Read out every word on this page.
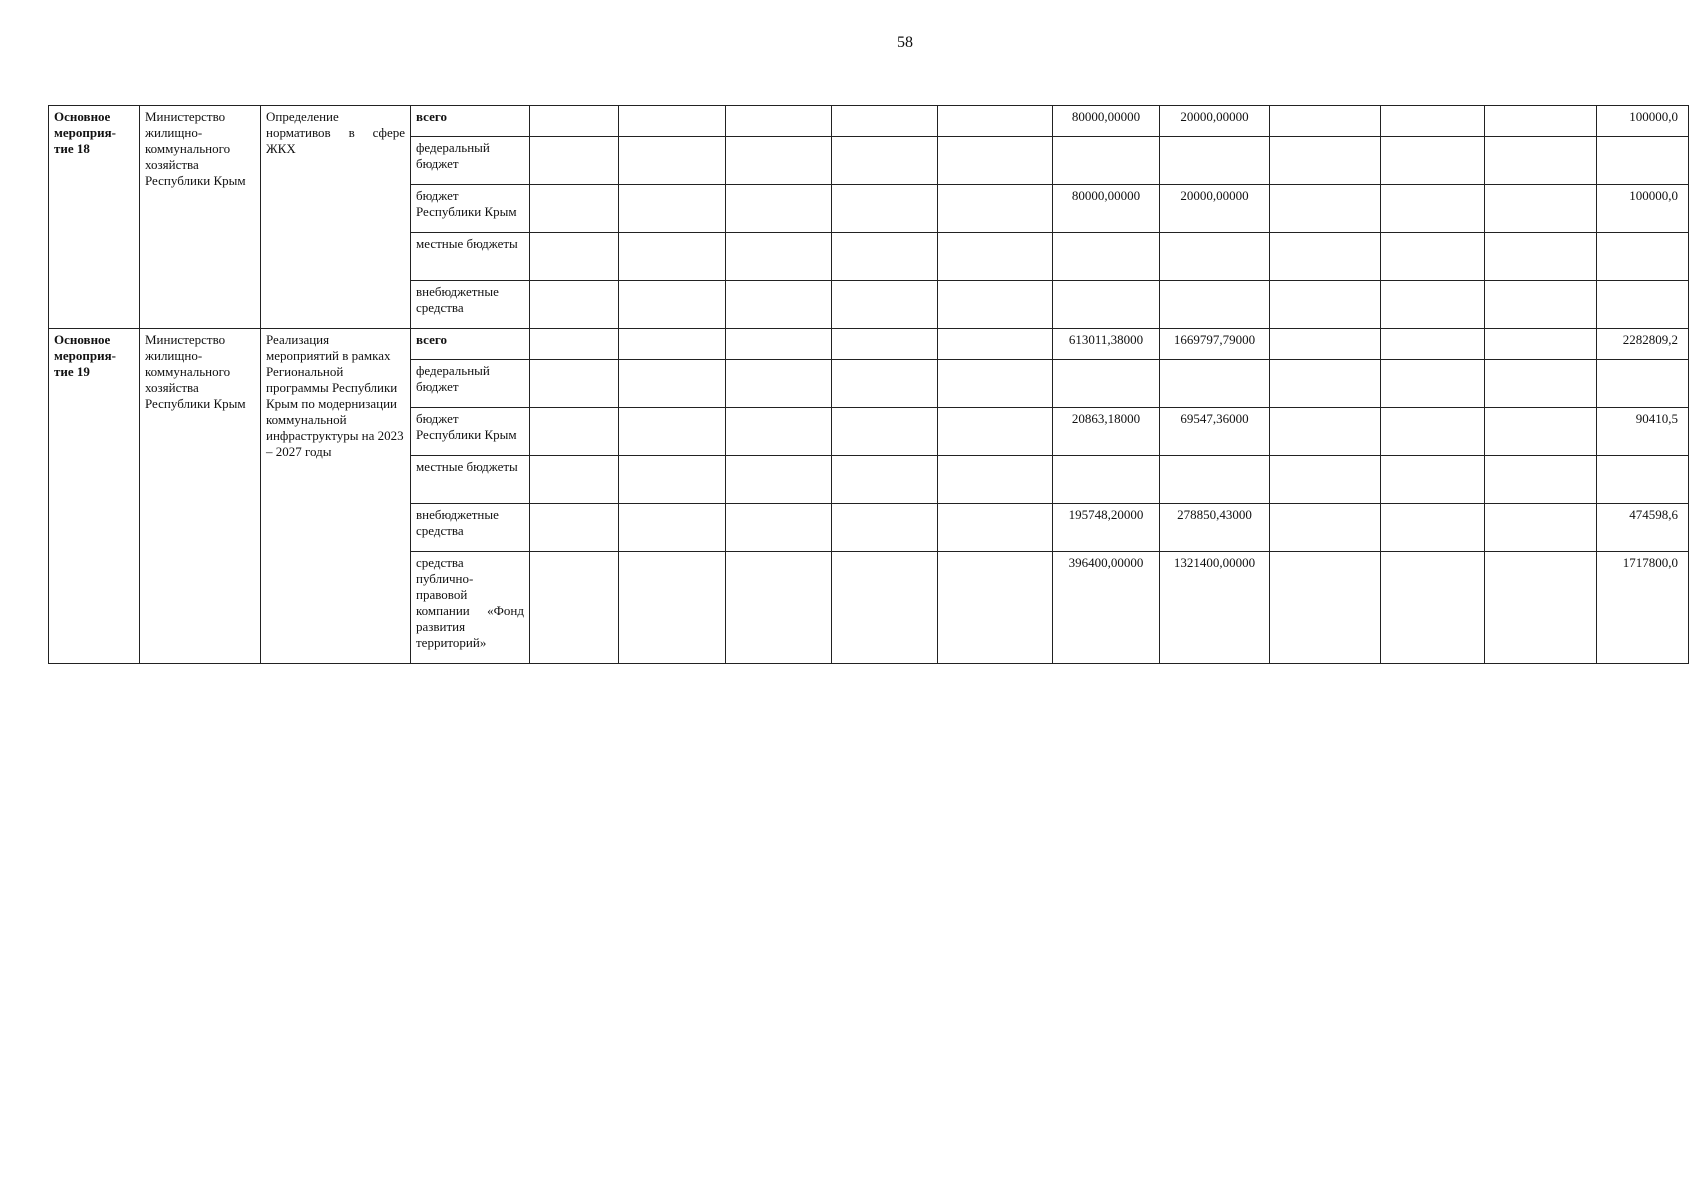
58
Основное мероприя-тие 18	Министерство жилищно-коммунального хозяйства Республики Крым	Определение нормативов в сфере ЖКХ	всего						80000,00000	20000,00000				100000,0
			федеральный бюджет											
			бюджет Республики Крым						80000,00000	20000,00000				100000,0
			местные бюджеты											
			внебюджетные средства											
Основное мероприя-тие 19	Министерство жилищно-коммунального хозяйства Республики Крым	Реализация мероприятий в рамках Региональной программы Республики Крым по модернизации коммунальной инфраструктуры на 2023 – 2027 годы	всего						613011,38000	1669797,79000				2282809,2
			федеральный бюджет											
			бюджет Республики Крым						20863,18000	69547,36000				90410,5
			местные бюджеты											
			внебюджетные средства						195748,20000	278850,43000				474598,6
			средства публично-правовой компании «Фонд развития территорий»						396400,00000	1321400,00000				1717800,0
